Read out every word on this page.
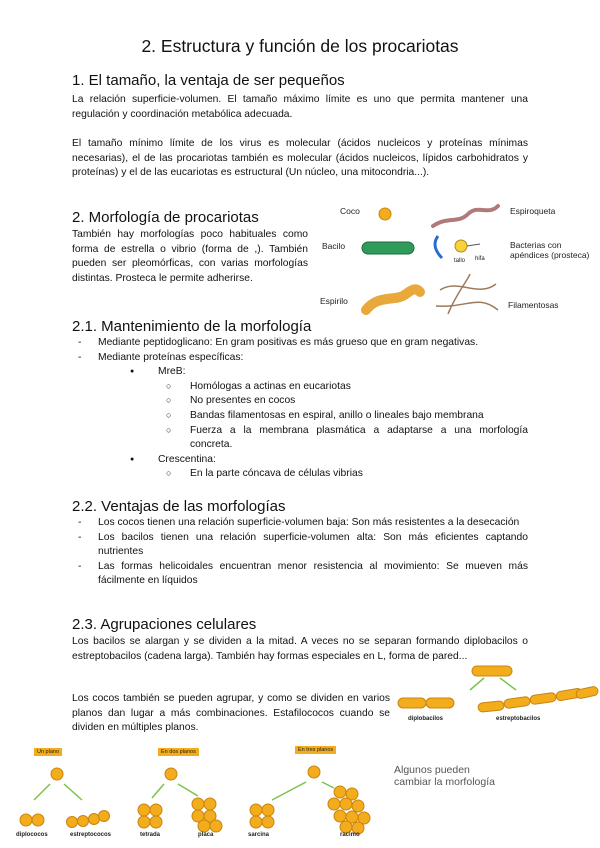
2. Estructura y función de los procariotas
1. El tamaño, la ventaja de ser pequeños
La relación superficie-volumen. El tamaño máximo límite es uno que permita mantener una regulación y coordinación metabólica adecuada.
El tamaño mínimo límite de los virus es molecular (ácidos nucleicos y proteínas mínimas necesarias), el de las procariotas también es molecular (ácidos nucleicos, lípidos carbohidratos y proteínas) y el de las eucariotas es estructural (Un núcleo, una mitocondria...).
2. Morfología de procariotas
También hay morfologías poco habituales como forma de estrella o vibrio (forma de ,). También pueden ser pleomórficas, con varias morfologías distintas. Prosteca le permite adherirse.
Coco	Espiroqueta
Bacilo	Bacterias con apéndices (prosteca)
tallo hifa
Espirilo	Filamentosas
2.1. Mantenimiento de la morfología
- Mediante peptidoglicano: En gram positivas es más grueso que en gram negativas.
- Mediante proteínas específicas:
● MreB:
○ Homólogas a actinas en eucariotas
○ No presentes en cocos
○ Bandas filamentosas en espiral, anillo o lineales bajo membrana
○ Fuerza a la membrana plasmática a adaptarse a una morfología concreta.
● Crescentina:
○ En la parte cóncava de células vibrias
2.2. Ventajas de las morfologías
- Los cocos tienen una relación superficie-volumen baja: Son más resistentes a la desecación
- Los bacilos tienen una relación superficie-volumen alta: Son más eficientes captando nutrientes
- Las formas helicoidales encuentran menor resistencia al movimiento: Se mueven más fácilmente en líquidos
2.3. Agrupaciones celulares
Los bacilos se alargan y se dividen a la mitad. A veces no se separan formando diplobacilos o estreptobacilos (cadena larga). También hay formas especiales en L, forma de pared...
Los cocos también se pueden agrupar, y como se dividen en varios planos dan lugar a más combinaciones. Estafilococos cuando se dividen en múltiples planos.
diplobacilos	estreptobacilos
Un plano	En dos planos	En tres planos
diplococos	estreptococos	tetrada	placa	sarcina	racimo
Algunos pueden cambiar la morfología
